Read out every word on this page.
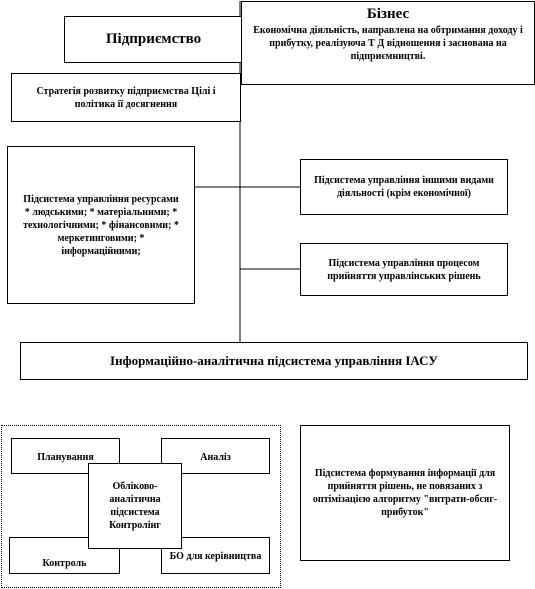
Підприємство
Бізнес
Економічна діяльність, направлена на обтримання доходу і прибутку, реалізуюча Т Д відношення і заснована на підприємництві.
Стратегія розвитку підприємства Цілі і політика її досягнення
Підсистема управління ресурсами
* людськими; * матеріальними; *
технологічними; * фінансовими; *
меркетинговими; *
інформаційними;
Підсистема управління іншими видами діяльності (крім економічної)
Підсистема управління процесом прийняття управлінських рішень
Інформаційно-аналітична підсистема управління ІАСУ
Планування	Аналіз
Контроль
БО для керівництва
Обліково-
аналітична
підсистема
Контролінг
Підсистема формування інформації для прийняття рішень, не повязаних з оптімізацією алгоритму "витрати-обсяг-прибуток"
